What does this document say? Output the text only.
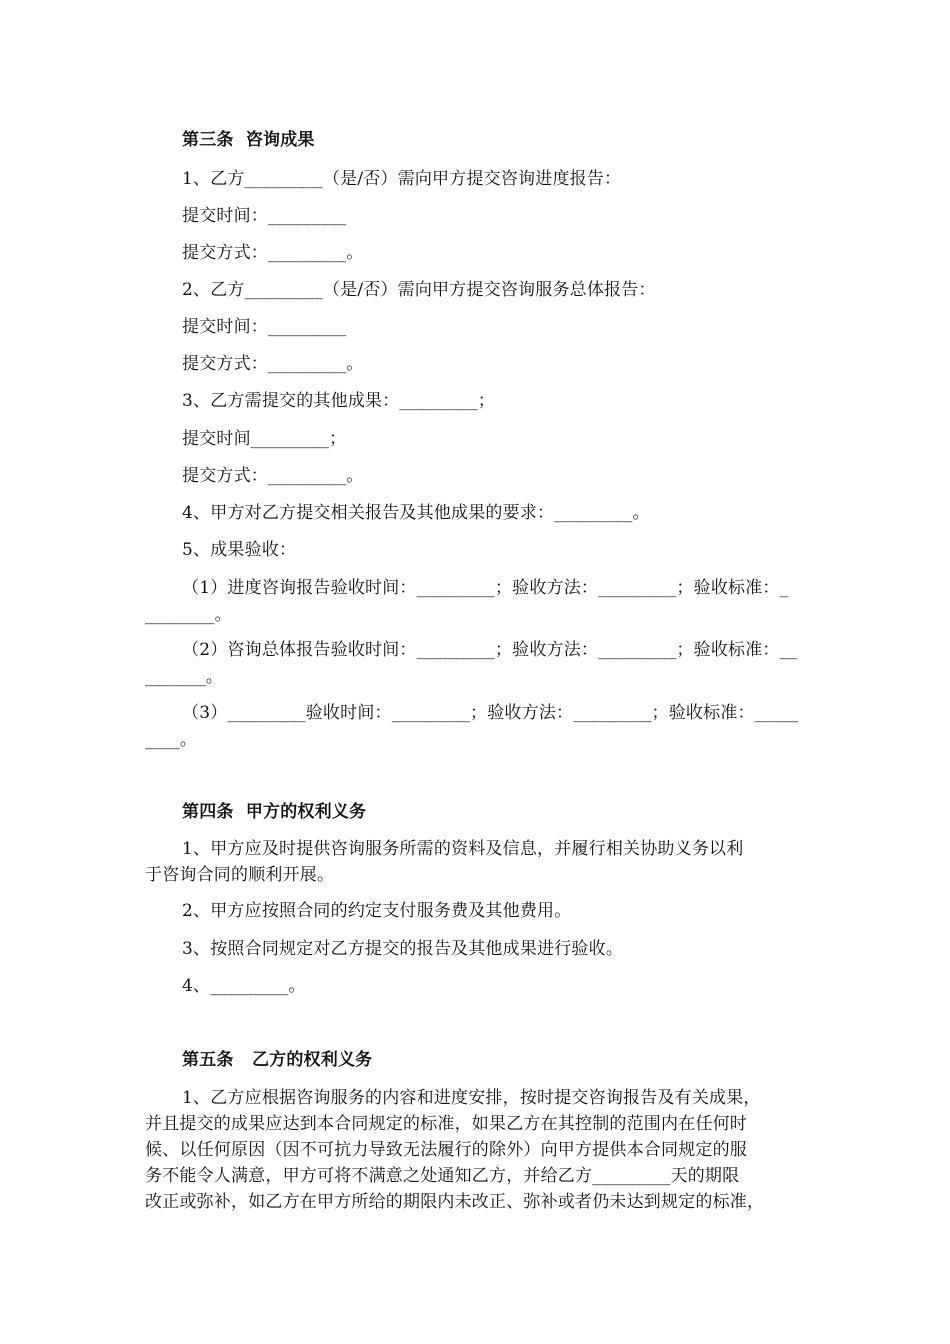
第三条  咨询成果
1、乙方_________（是/否）需向甲方提交咨询进度报告：
提交时间：_________
提交方式：_________。
2、乙方_________（是/否）需向甲方提交咨询服务总体报告：
提交时间：_________
提交方式：_________。
3、乙方需提交的其他成果：_________；
提交时间_________；
提交方式：_________。
4、甲方对乙方提交相关报告及其他成果的要求：_________。
5、成果验收：
（1）进度咨询报告验收时间：_________；验收方法：_________；验收标准：_
________。
（2）咨询总体报告验收时间：_________；验收方法：_________；验收标准：__
_______。
（3）_________验收时间：_________；验收方法：_________；验收标准：_____
____。
第四条  甲方的权利义务
1、甲方应及时提供咨询服务所需的资料及信息，并履行相关协助义务以利
于咨询合同的顺利开展。
2、甲方应按照合同的约定支付服务费及其他费用。
3、按照合同规定对乙方提交的报告及其他成果进行验收。
4、_________。
第五条   乙方的权利义务
1、乙方应根据咨询服务的内容和进度安排，按时提交咨询报告及有关成果，
并且提交的成果应达到本合同规定的标准，如果乙方在其控制的范围内在任何时
候、以任何原因（因不可抗力导致无法履行的除外）向甲方提供本合同规定的服
务不能令人满意，甲方可将不满意之处通知乙方，并给乙方_________天的期限
改正或弥补，如乙方在甲方所给的期限内未改正、弥补或者仍未达到规定的标准，
